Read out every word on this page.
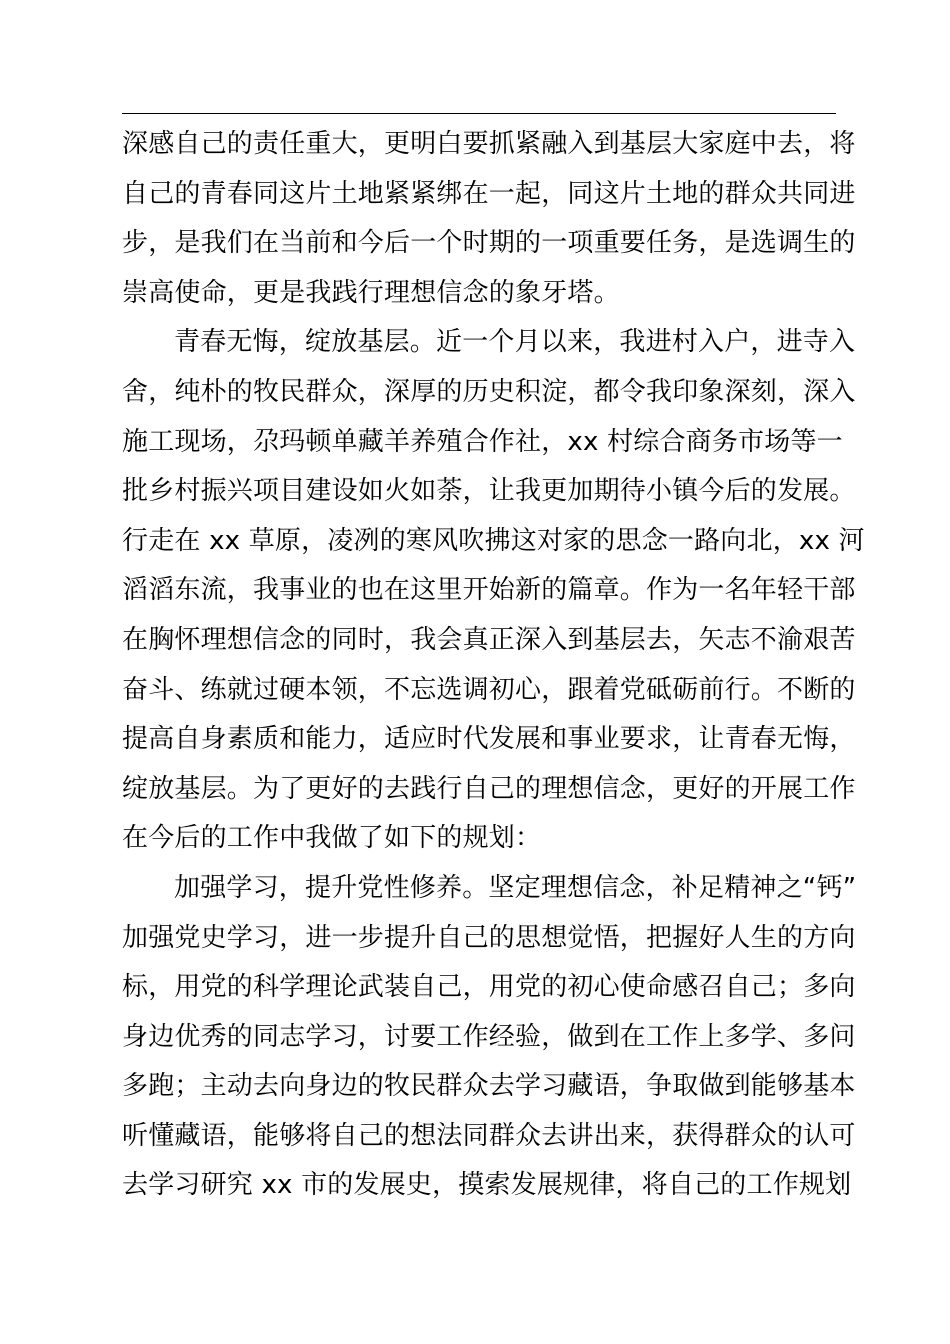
深感自己的责任重大，更明白要抓紧融入到基层大家庭中去，将
自己的青春同这片土地紧紧绑在一起，同这片土地的群众共同进
步，是我们在当前和今后一个时期的一项重要任务，是选调生的
崇高使命，更是我践行理想信念的象牙塔。
青春无悔，绽放基层。近一个月以来，我进村入户，进寺入
舍，纯朴的牧民群众，深厚的历史积淀，都令我印象深刻，深入
施工现场，尕玛顿单藏羊养殖合作社，xx 村综合商务市场等一
批乡村振兴项目建设如火如荼，让我更加期待小镇今后的发展。
行走在 xx 草原，凌冽的寒风吹拂这对家的思念一路向北，xx 河
滔滔东流，我事业的也在这里开始新的篇章。作为一名年轻干部
在胸怀理想信念的同时，我会真正深入到基层去，矢志不渝艰苦
奋斗、练就过硬本领，不忘选调初心，跟着党砥砺前行。不断的
提高自身素质和能力，适应时代发展和事业要求，让青春无悔，
绽放基层。为了更好的去践行自己的理想信念，更好的开展工作
在今后的工作中我做了如下的规划：
加强学习，提升党性修养。坚定理想信念，补足精神之“钙”
加强党史学习，进一步提升自己的思想觉悟，把握好人生的方向
标，用党的科学理论武装自己，用党的初心使命感召自己；多向
身边优秀的同志学习，讨要工作经验，做到在工作上多学、多问
多跑；主动去向身边的牧民群众去学习藏语，争取做到能够基本
听懂藏语，能够将自己的想法同群众去讲出来，获得群众的认可
去学习研究 xx 市的发展史，摸索发展规律，将自己的工作规划
